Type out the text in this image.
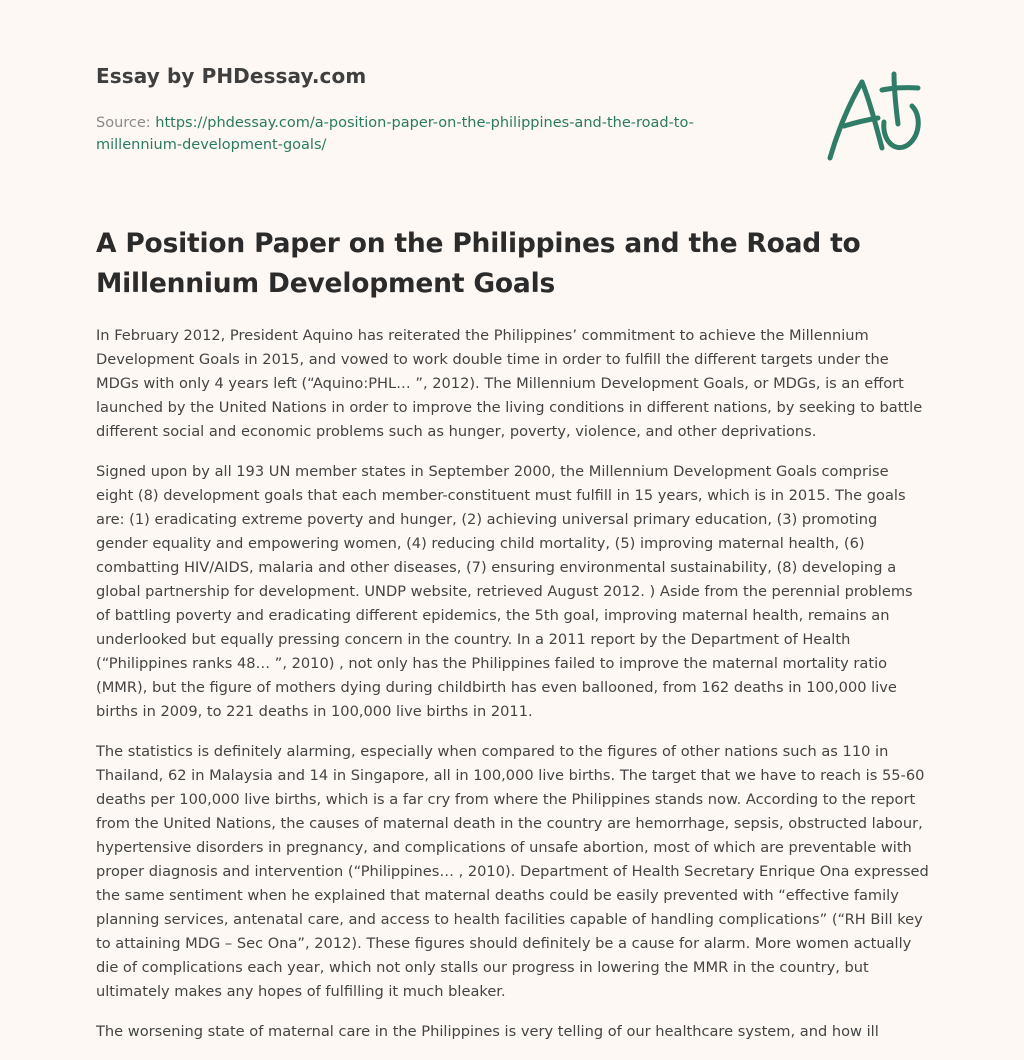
Essay by PHDessay.com
Source: https://phdessay.com/a-position-paper-on-the-philippines-and-the-road-to-millennium-development-goals/
A Position Paper on the Philippines and the Road to Millennium Development Goals

In February 2012, President Aquino has reiterated the Philippines’ commitment to achieve the Millennium Development Goals in 2015, and vowed to work double time in order to fulfill the different targets under the MDGs with only 4 years left (“Aquino:PHL… ”, 2012). The Millennium Development Goals, or MDGs, is an effort launched by the United Nations in order to improve the living conditions in different nations, by seeking to battle different social and economic problems such as hunger, poverty, violence, and other deprivations.

Signed upon by all 193 UN member states in September 2000, the Millennium Development Goals comprise eight (8) development goals that each member-constituent must fulfill in 15 years, which is in 2015. The goals are: (1) eradicating extreme poverty and hunger, (2) achieving universal primary education, (3) promoting gender equality and empowering women, (4) reducing child mortality, (5) improving maternal health, (6) combatting HIV/AIDS, malaria and other diseases, (7) ensuring environmental sustainability, (8) developing a global partnership for development. UNDP website, retrieved August 2012. ) Aside from the perennial problems of battling poverty and eradicating different epidemics, the 5th goal, improving maternal health, remains an underlooked but equally pressing concern in the country. In a 2011 report by the Department of Health (“Philippines ranks 48… ”, 2010) , not only has the Philippines failed to improve the maternal mortality ratio (MMR), but the figure of mothers dying during childbirth has even ballooned, from 162 deaths in 100,000 live births in 2009, to 221 deaths in 100,000 live births in 2011.

The statistics is definitely alarming, especially when compared to the figures of other nations such as 110 in Thailand, 62 in Malaysia and 14 in Singapore, all in 100,000 live births. The target that we have to reach is 55-60 deaths per 100,000 live births, which is a far cry from where the Philippines stands now. According to the report from the United Nations, the causes of maternal death in the country are hemorrhage, sepsis, obstructed labour, hypertensive disorders in pregnancy, and complications of unsafe abortion, most of which are preventable with proper diagnosis and intervention (“Philippines… , 2010). Department of Health Secretary Enrique Ona expressed the same sentiment when he explained that maternal deaths could be easily prevented with “effective family planning services, antenatal care, and access to health facilities capable of handling complications” (“RH Bill key to attaining MDG – Sec Ona”, 2012). These figures should definitely be a cause for alarm. More women actually die of complications each year, which not only stalls our progress in lowering the MMR in the country, but ultimately makes any hopes of fulfilling it much bleaker.

The worsening state of maternal care in the Philippines is very telling of our healthcare system, and how ill
